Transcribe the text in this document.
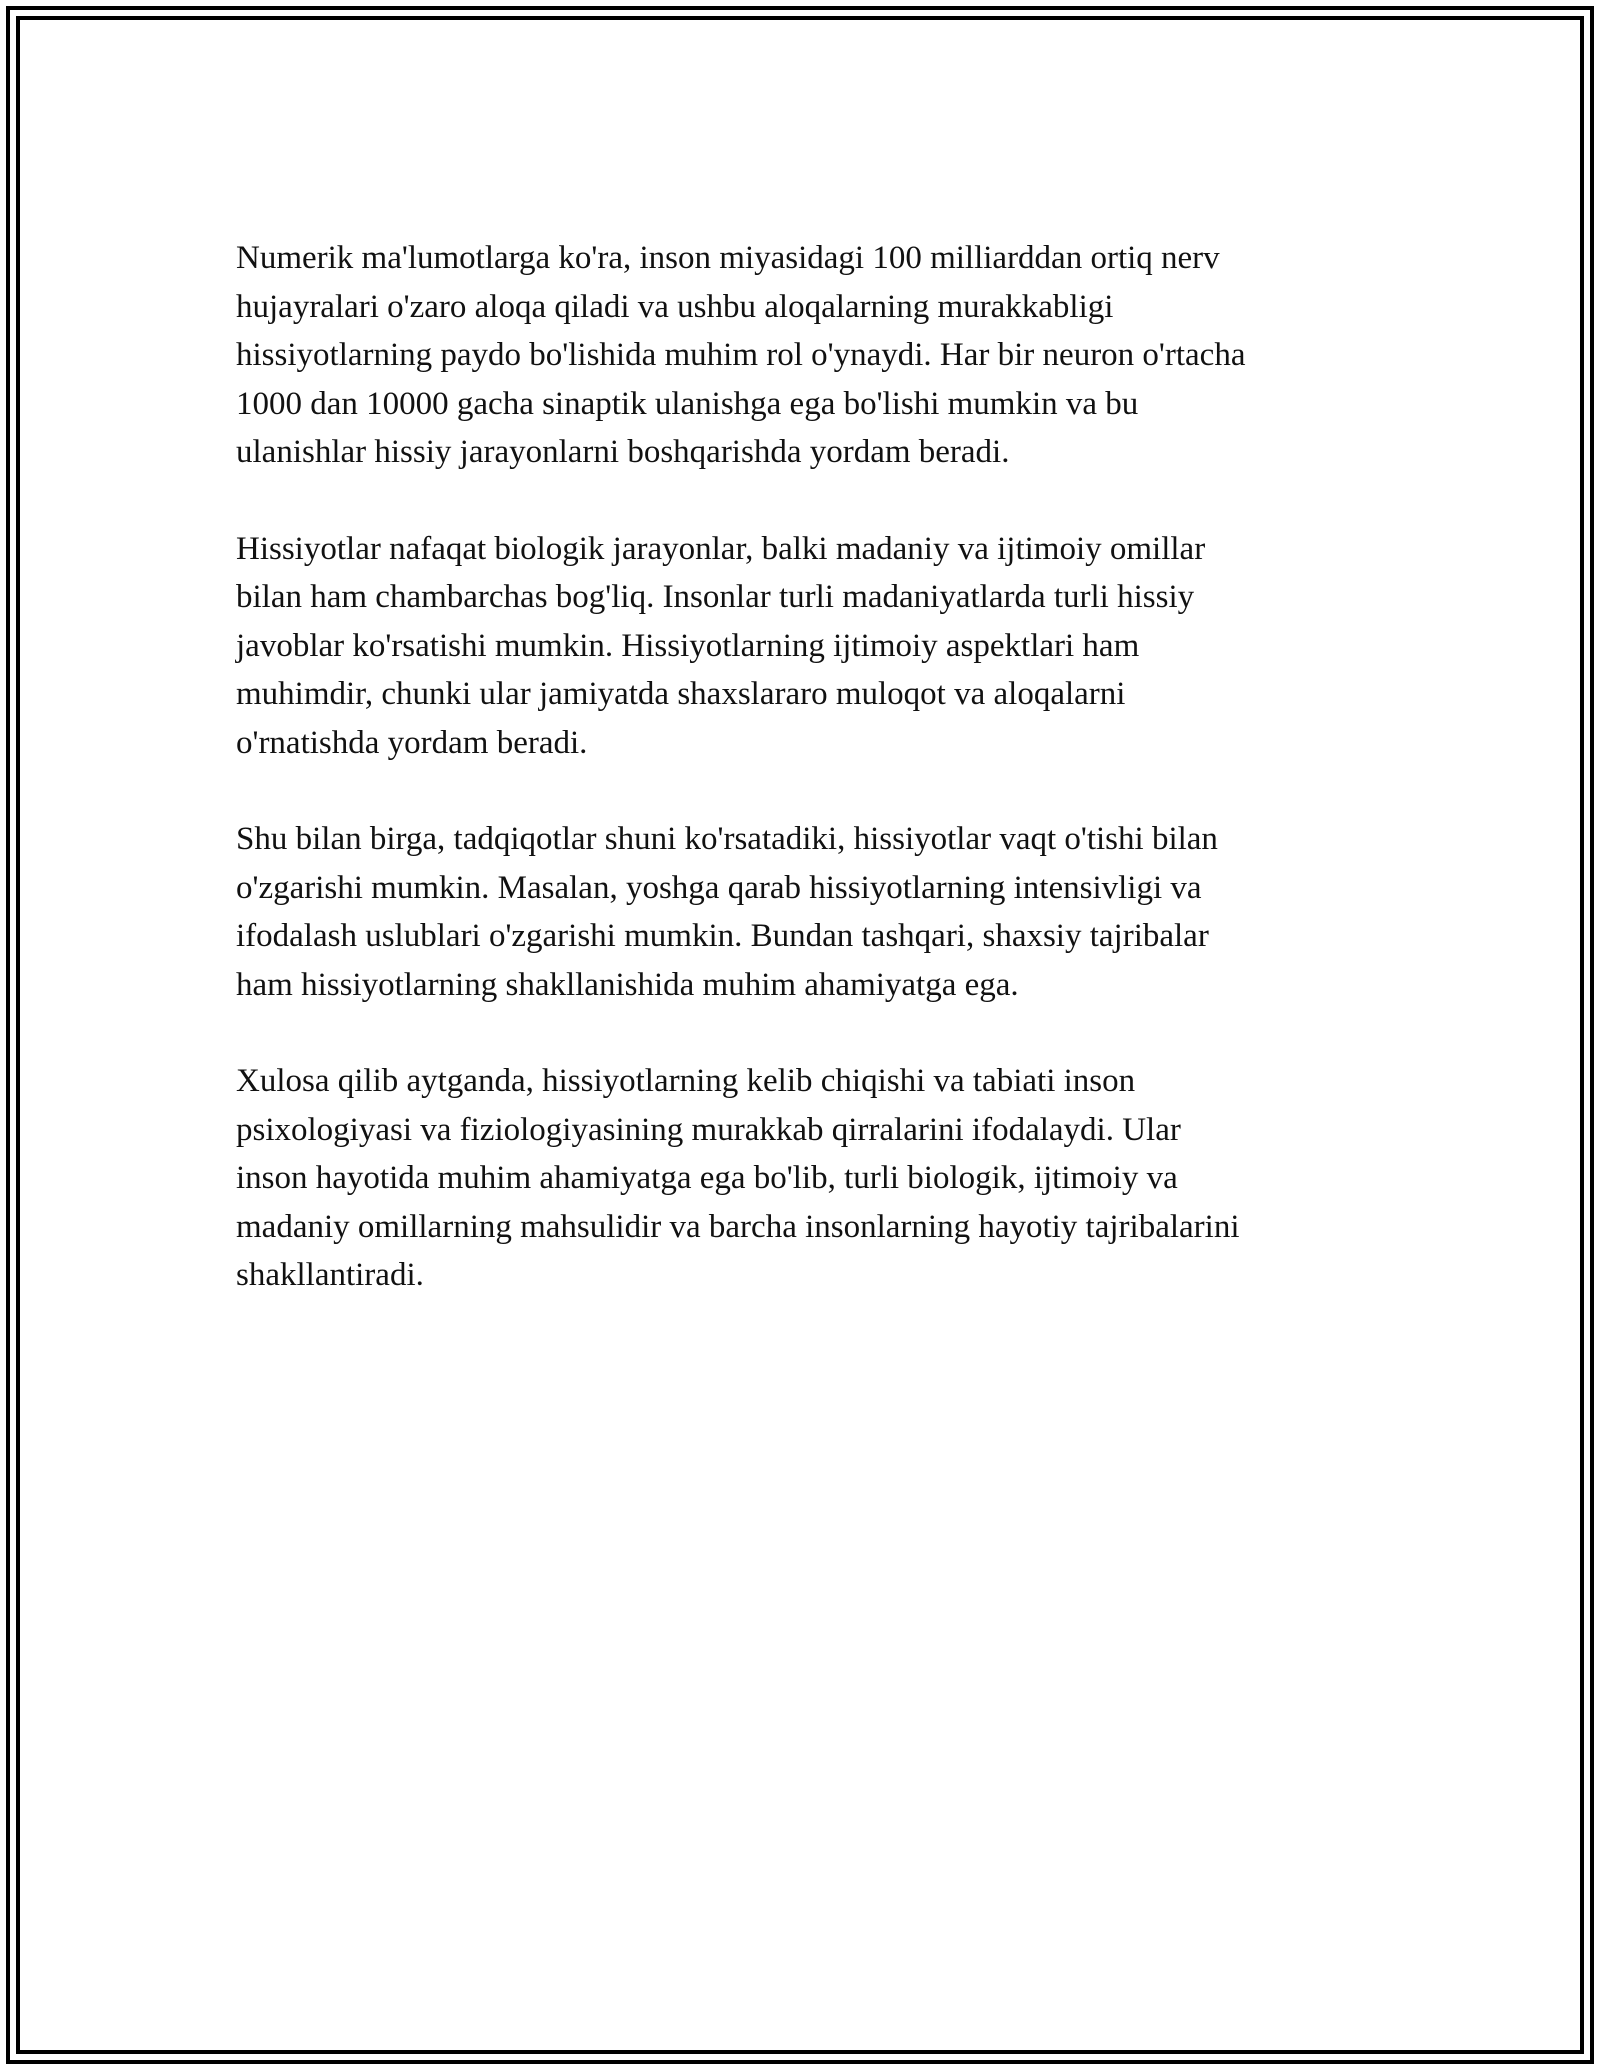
Numerik ma'lumotlarga ko'ra, inson miyasidagi 100 milliarddan ortiq nerv
hujayralari o'zaro aloqa qiladi va ushbu aloqalarning murakkabligi
hissiyotlarning paydo bo'lishida muhim rol o'ynaydi. Har bir neuron o'rtacha
1000 dan 10000 gacha sinaptik ulanishga ega bo'lishi mumkin va bu
ulanishlar hissiy jarayonlarni boshqarishda yordam beradi.

Hissiyotlar nafaqat biologik jarayonlar, balki madaniy va ijtimoiy omillar
bilan ham chambarchas bog'liq. Insonlar turli madaniyatlarda turli hissiy
javoblar ko'rsatishi mumkin. Hissiyotlarning ijtimoiy aspektlari ham
muhimdir, chunki ular jamiyatda shaxslararo muloqot va aloqalarni
o'rnatishda yordam beradi.

Shu bilan birga, tadqiqotlar shuni ko'rsatadiki, hissiyotlar vaqt o'tishi bilan
o'zgarishi mumkin. Masalan, yoshga qarab hissiyotlarning intensivligi va
ifodalash uslublari o'zgarishi mumkin. Bundan tashqari, shaxsiy tajribalar
ham hissiyotlarning shakllanishida muhim ahamiyatga ega.

Xulosa qilib aytganda, hissiyotlarning kelib chiqishi va tabiati inson
psixologiyasi va fiziologiyasining murakkab qirralarini ifodalaydi. Ular
inson hayotida muhim ahamiyatga ega bo'lib, turli biologik, ijtimoiy va
madaniy omillarning mahsulidir va barcha insonlarning hayotiy tajribalarini
shakllantiradi.
